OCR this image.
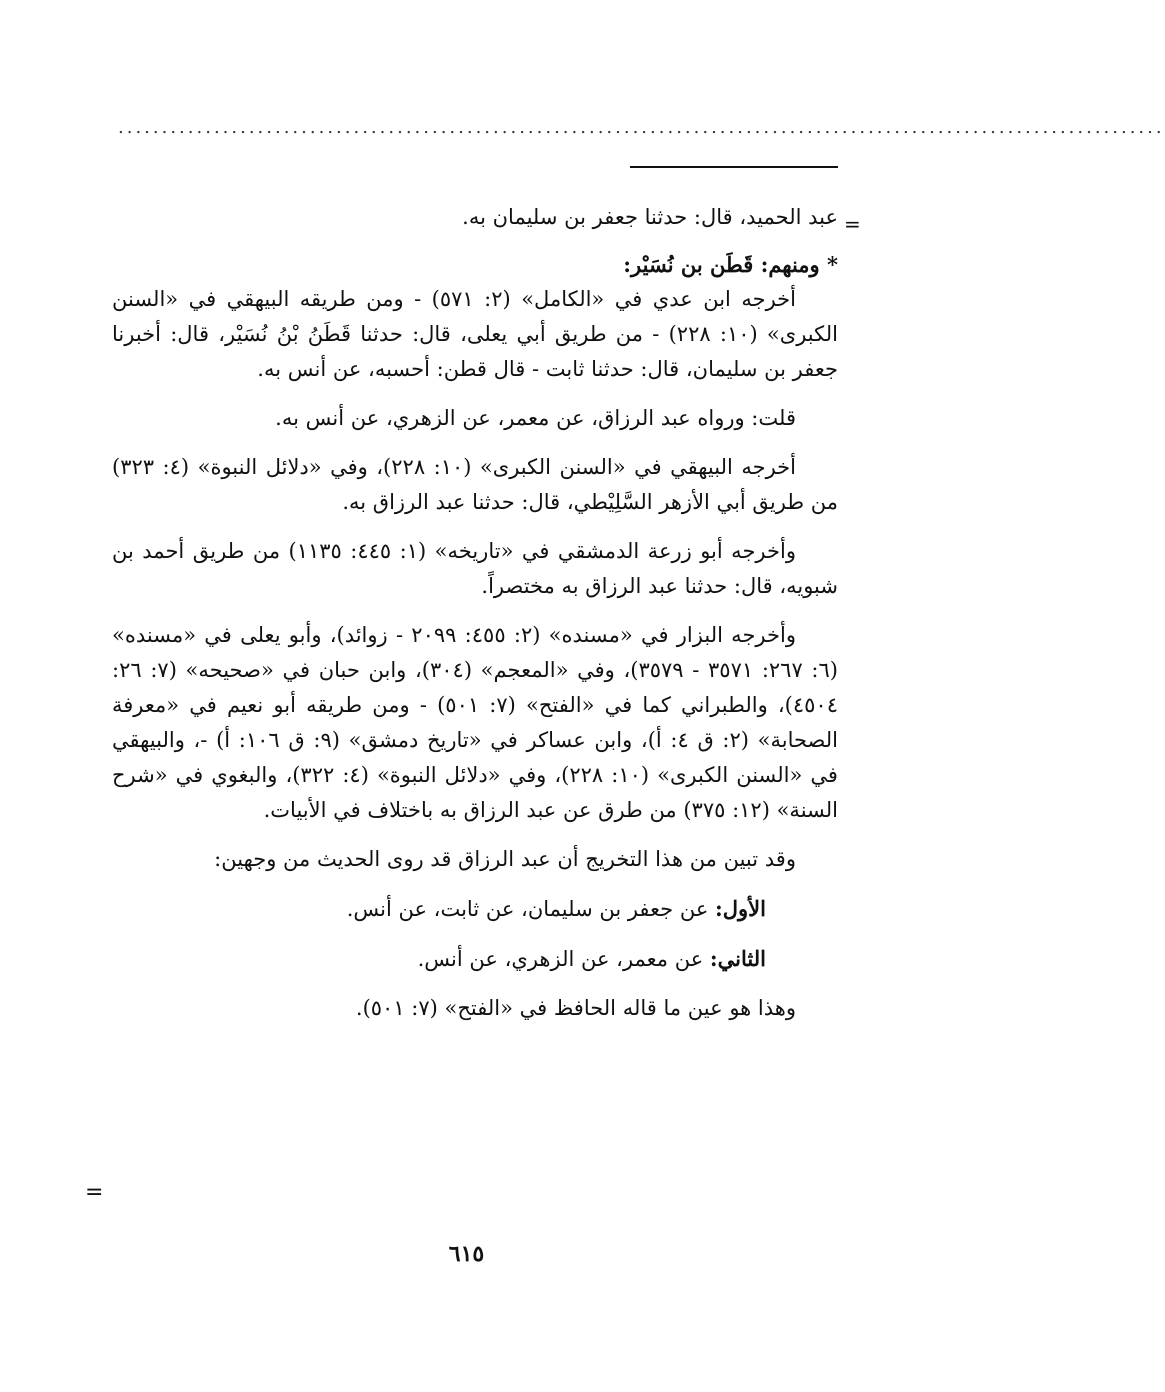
........................................................................................................................
=

عبد الحميد، قال: حدثنا جعفر بن سليمان به.

* ومنهم: قَطَن بن نُسَيْر:

أخرجه ابن عدي في «الكامل» (٢: ٥٧١) - ومن طريقه البيهقي في «السنن الكبرى» (١٠: ٢٢٨) - من طريق أبي يعلى، قال: حدثنا قَطَنُ بْنُ نُسَيْر، قال: أخبرنا جعفر بن سليمان، قال: حدثنا ثابت - قال قطن: أحسبه، عن أنس به.

قلت: ورواه عبد الرزاق، عن معمر، عن الزهري، عن أنس به.

أخرجه البيهقي في «السنن الكبرى» (١٠: ٢٢٨)، وفي «دلائل النبوة» (٤: ٣٢٣) من طريق أبي الأزهر السَّلِيْطي، قال: حدثنا عبد الرزاق به.

وأخرجه أبو زرعة الدمشقي في «تاريخه» (١: ٤٤٥: ١١٣٥) من طريق أحمد بن شبويه، قال: حدثنا عبد الرزاق به مختصراً.

وأخرجه البزار في «مسنده» (٢: ٤٥٥: ٢٠٩٩ - زوائد)، وأبو يعلى في «مسنده» (٦: ٢٦٧: ٣٥٧١ - ٣٥٧٩)، وفي «المعجم» (٣٠٤)، وابن حبان في «صحيحه» (٧: ٢٦: ٤٥٠٤)، والطبراني كما في «الفتح» (٧: ٥٠١) - ومن طريقه أبو نعيم في «معرفة الصحابة» (٢: ق ٤: أ)، وابن عساكر في «تاريخ دمشق» (٩: ق ١٠٦: أ) -، والبيهقي في «السنن الكبرى» (١٠: ٢٢٨)، وفي «دلائل النبوة» (٤: ٣٢٢)، والبغوي في «شرح السنة» (١٢: ٣٧٥) من طرق عن عبد الرزاق به باختلاف في الأبيات.

وقد تبين من هذا التخريج أن عبد الرزاق قد روى الحديث من وجهين:

الأول: عن جعفر بن سليمان، عن ثابت، عن أنس.

الثاني: عن معمر، عن الزهري، عن أنس.

وهذا هو عين ما قاله الحافظ في «الفتح» (٧: ٥٠١).

=
٦١٥
